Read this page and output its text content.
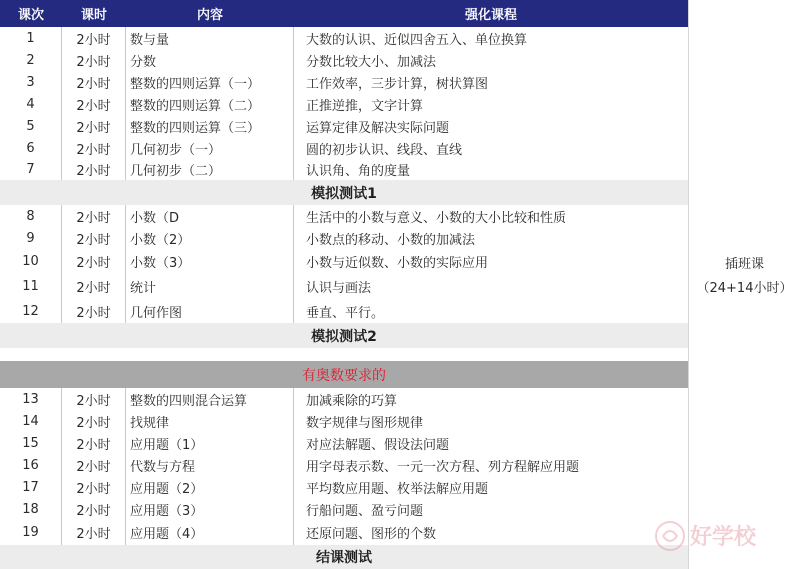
课次	课时	内容	强化课程
1	2小时	数与量	大数的认识、近似四舍五入、单位换算
2	2小时	分数	分数比较大小、加减法
3	2小时	整数的四则运算（一）	工作效率，三步计算，树状算图
4	2小时	整数的四则运算（二）	正推逆推，文字计算
5	2小时	整数的四则运算（三）	运算定律及解决实际问题
6	2小时	几何初步（一）	圆的初步认识、线段、直线
7	2小时	几何初步（二）	认识角、角的度量
模拟测试1
8	2小时	小数（D	生活中的小数与意义、小数的大小比较和性质
9	2小时	小数（2）	小数点的移动、小数的加减法
10	2小时	小数（3）	小数与近似数、小数的实际应用
11	2小时	统计	认识与画法
12	2小时	几何作图	垂直、平行。
模拟测试2
有奥数要求的
13	2小时	整数的四则混合运算	加减乘除的巧算
14	2小时	找规律	数字规律与图形规律
15	2小时	应用题（1）	对应法解题、假设法问题
16	2小时	代数与方程	用字母表示数、一元一次方程、列方程解应用题
17	2小时	应用题（2）	平均数应用题、枚举法解应用题
18	2小时	应用题（3）	行船问题、盈亏问题
19	2小时	应用题（4）	还原问题、图形的个数
结课测试
插班课
（24+14小时）
好学校
